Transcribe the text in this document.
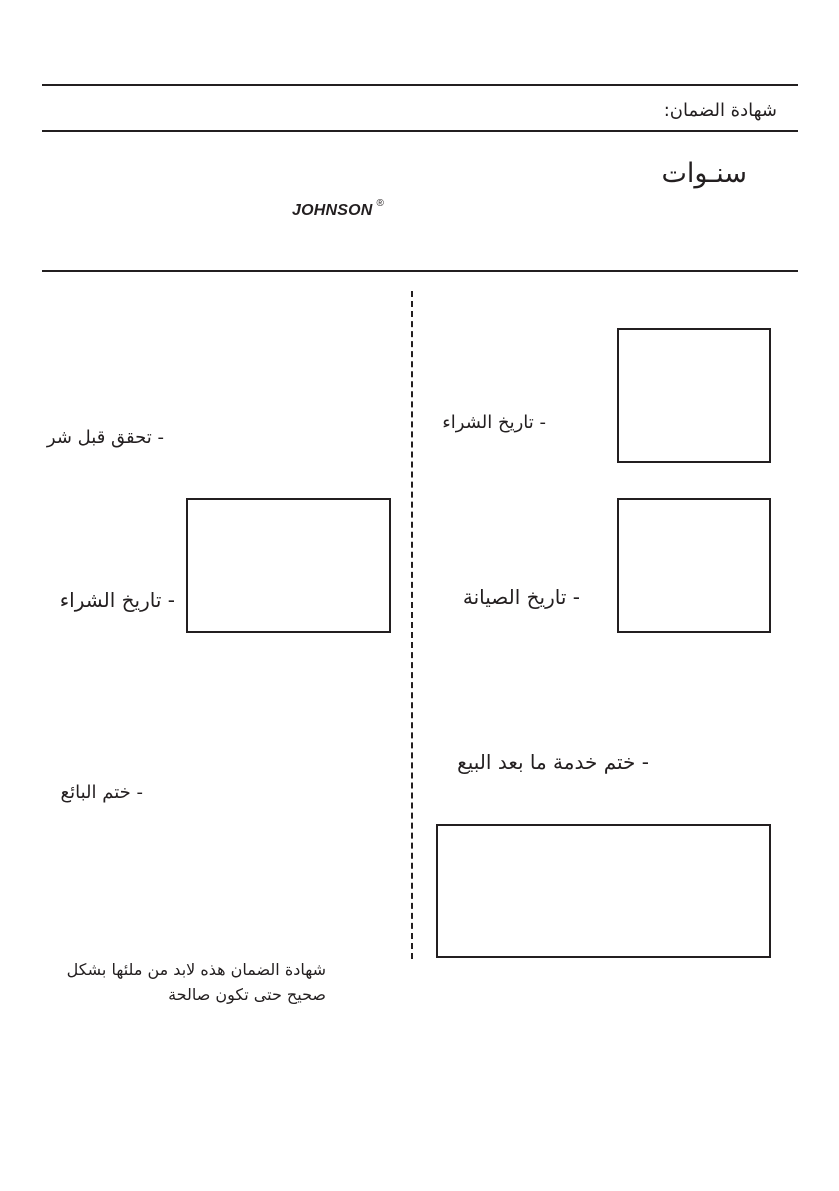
شهادة الضمان:
سنـوات
JOHNSON ®
- تاريخ الشراء
- تاريخ الصيانة
- ختم خدمة ما بعد البيع
- تحقق قبل شر
- تاريخ الشراء
- ختم البائع
شهادة الضمان هذه لابد من ملئها بشكل
صحيح حتى تكون صالحة
